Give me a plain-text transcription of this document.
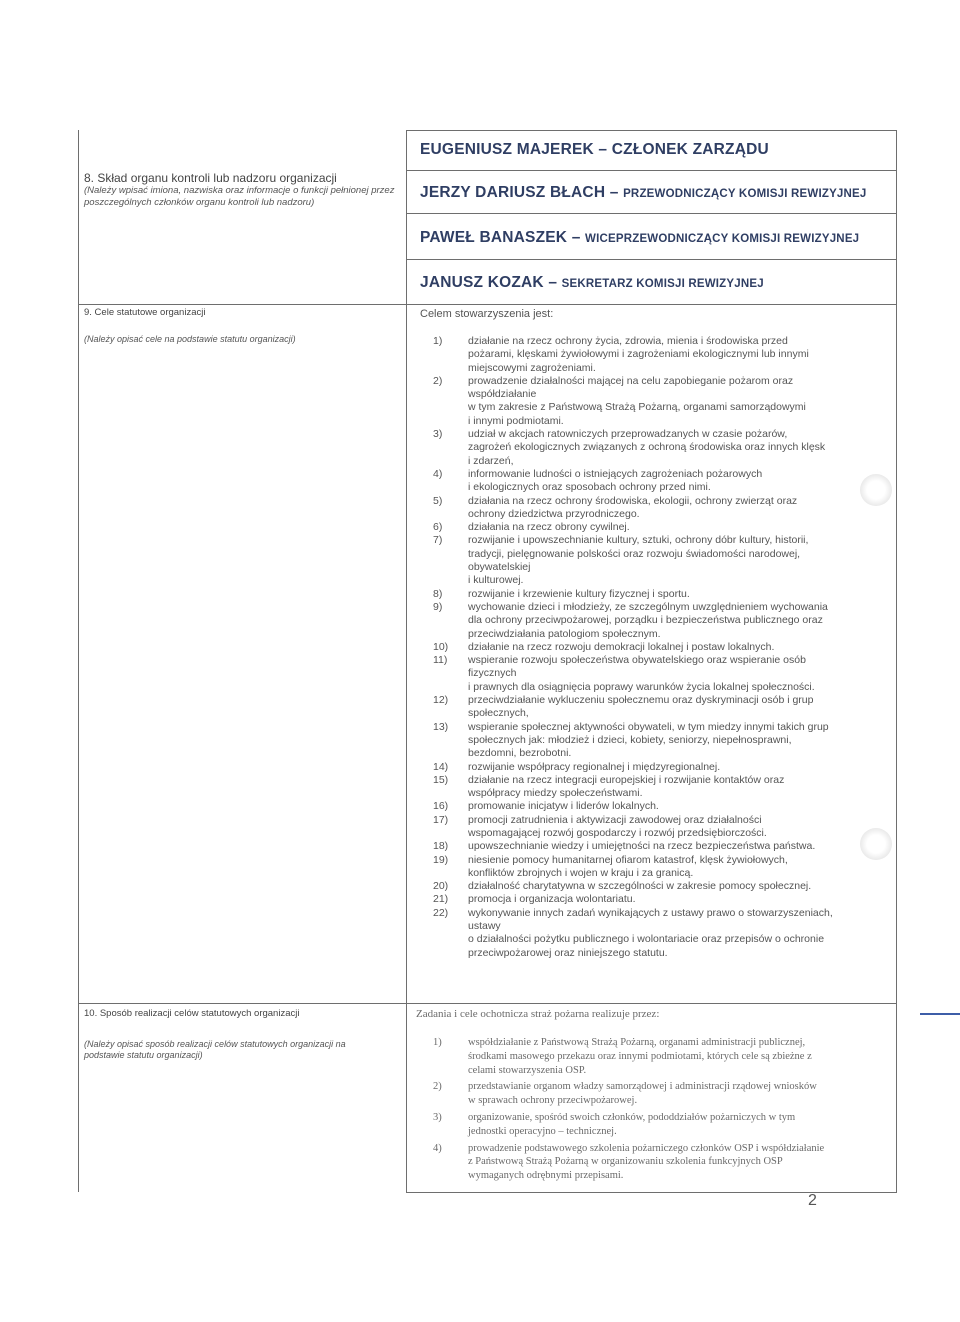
8. Skład organu kontroli lub nadzoru organizacji
(Należy wpisać imiona, nazwiska oraz informacje o funkcji pełnionej przez
poszczególnych członków organu kontroli lub nadzoru)
EUGENIUSZ MAJEREK – CZŁONEK ZARZĄDU
JERZY DARIUSZ BŁACH – PRZEWODNICZĄCY KOMISJI REWIZYJNEJ
PAWEŁ BANASZEK – WICEPRZEWODNICZĄCY KOMISJI REWIZYJNEJ
JANUSZ KOZAK – SEKRETARZ KOMISJI REWIZYJNEJ
9. Cele statutowe organizacji
(Należy opisać cele na podstawie statutu organizacji)
Celem stowarzyszenia jest:
1)	działanie na rzecz ochrony życia, zdrowia, mienia i środowiska przed
pożarami, klęskami żywiołowymi i zagrożeniami ekologicznymi lub innymi
miejscowymi zagrożeniami.
2)	prowadzenie działalności mającej na celu zapobieganie pożarom oraz
współdziałanie
w tym zakresie z Państwową Strażą Pożarną, organami samorządowymi
i innymi podmiotami.
3)	udział w akcjach ratowniczych przeprowadzanych w czasie pożarów,
zagrożeń ekologicznych związanych z ochroną środowiska oraz innych klęsk
i zdarzeń,
4)	informowanie ludności o istniejących zagrożeniach pożarowych
i ekologicznych oraz sposobach ochrony przed nimi.
5)	działania na rzecz ochrony środowiska, ekologii, ochrony zwierząt oraz
ochrony dziedzictwa przyrodniczego.
6)	działania na rzecz obrony cywilnej.
7)	rozwijanie i upowszechnianie kultury, sztuki, ochrony dóbr kultury, historii,
tradycji, pielęgnowanie polskości oraz rozwoju świadomości narodowej,
obywatelskiej
i kulturowej.
8)	rozwijanie i krzewienie kultury fizycznej i sportu.
9)	wychowanie dzieci i młodzieży, ze szczególnym uwzględnieniem wychowania
dla ochrony przeciwpożarowej, porządku i bezpieczeństwa publicznego oraz
przeciwdziałania patologiom społecznym.
10)	działanie na rzecz rozwoju demokracji lokalnej i postaw lokalnych.
11)	wspieranie rozwoju społeczeństwa obywatelskiego oraz wspieranie osób
fizycznych
i prawnych dla osiągnięcia poprawy warunków życia lokalnej społeczności.
12)	przeciwdziałanie wykluczeniu społecznemu oraz dyskryminacji osób i grup
społecznych,
13)	wspieranie społecznej aktywności obywateli, w tym miedzy innymi takich grup
społecznych jak: młodzież i dzieci, kobiety, seniorzy, niepełnosprawni,
bezdomni, bezrobotni.
14)	rozwijanie współpracy regionalnej i międzyregionalnej.
15)	działanie na rzecz integracji europejskiej i rozwijanie kontaktów oraz
współpracy miedzy społeczeństwami.
16)	promowanie inicjatyw i liderów lokalnych.
17)	promocji zatrudnienia i aktywizacji zawodowej oraz działalności
wspomagającej rozwój gospodarczy i rozwój przedsiębiorczości.
18)	upowszechnianie wiedzy i umiejętności na rzecz bezpieczeństwa państwa.
19)	niesienie pomocy humanitarnej ofiarom katastrof, klęsk żywiołowych,
konfliktów zbrojnych i wojen w kraju i za granicą.
20)	działalność charytatywna w szczególności w zakresie pomocy społecznej.
21)	promocja i organizacja wolontariatu.
22)	wykonywanie innych zadań wynikających z ustawy prawo o stowarzyszeniach,
ustawy
o działalności pożytku publicznego i wolontariacie oraz przepisów o ochronie
przeciwpożarowej oraz niniejszego statutu.
10. Sposób realizacji celów statutowych organizacji
(Należy opisać sposób realizacji celów statutowych organizacji na
podstawie statutu organizacji)
Zadania i cele ochotnicza straż pożarna realizuje przez:
1)	współdziałanie z Państwową Strażą Pożarną, organami administracji publicznej,
środkami masowego przekazu oraz innymi podmiotami, których cele są zbieżne z
celami stowarzyszenia OSP.
2)	przedstawianie organom władzy samorządowej i administracji rządowej wniosków
w sprawach ochrony przeciwpożarowej.
3)	organizowanie, spośród swoich członków, pododdziałów pożarniczych w tym
jednostki operacyjno – technicznej.
4)	prowadzenie podstawowego szkolenia pożarniczego członków OSP i współdziałanie
z Państwową Strażą Pożarną w organizowaniu szkolenia funkcyjnych OSP
wymaganych odrębnymi przepisami.
2
